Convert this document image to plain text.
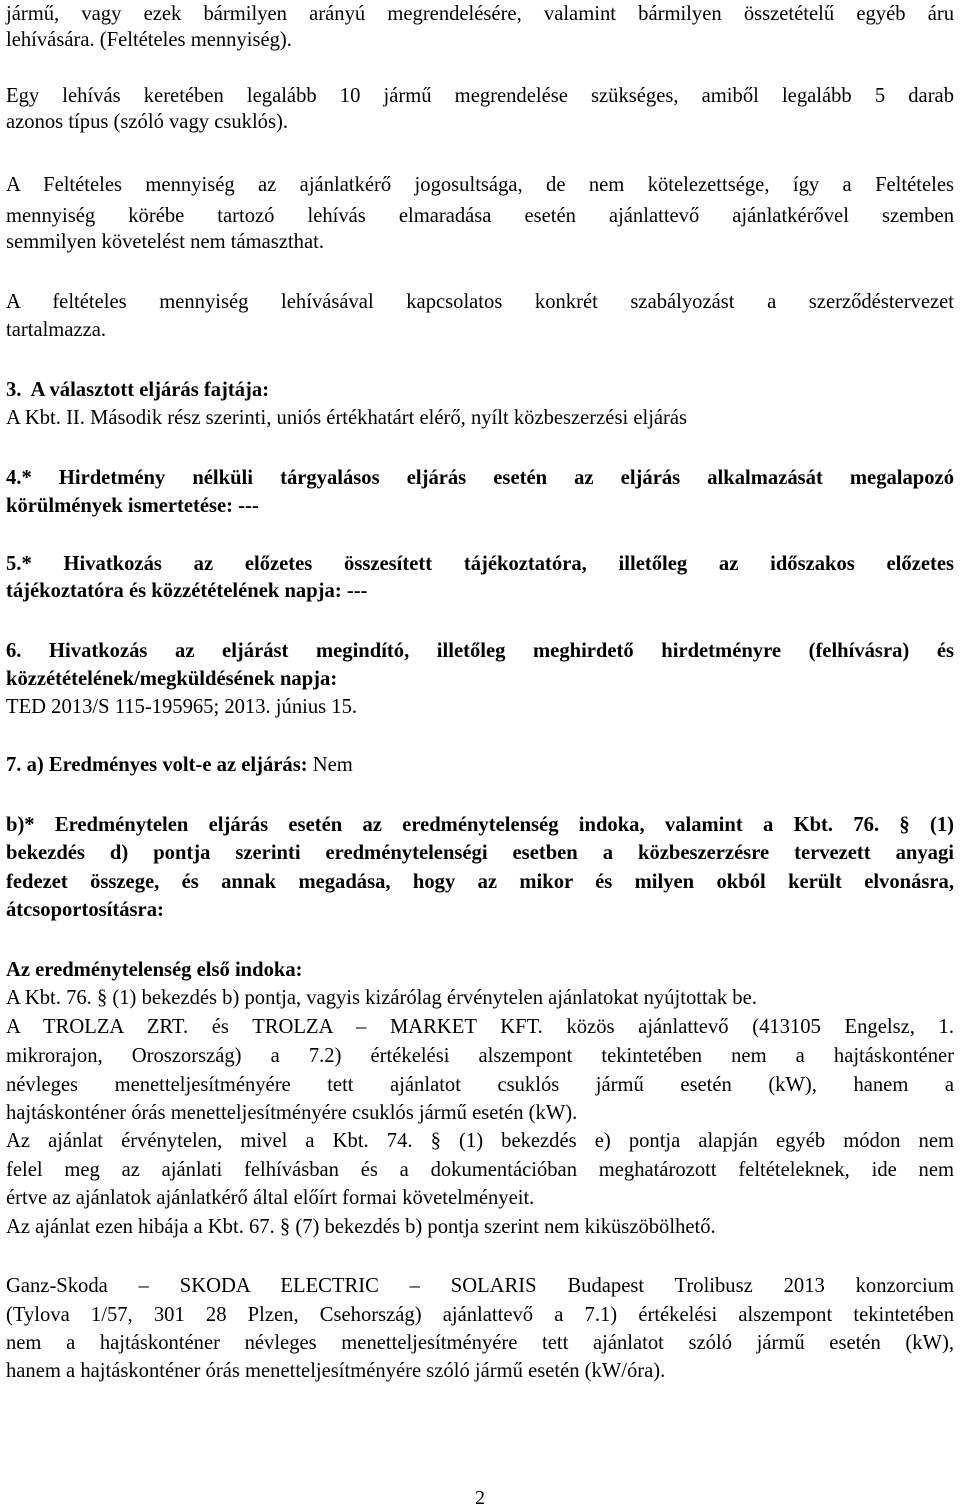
jármű, vagy ezek bármilyen arányú megrendelésére, valamint bármilyen összetételű egyéb áru

lehívására. (Feltételes mennyiség).

Egy lehívás keretében legalább 10 jármű megrendelése szükséges, amiből legalább 5 darab

azonos típus (szóló vagy csuklós).

A Feltételes mennyiség az ajánlatkérő jogosultsága, de nem kötelezettsége, így a Feltételes

mennyiség körébe tartozó lehívás elmaradása esetén ajánlattevő ajánlatkérővel szemben

semmilyen követelést nem támaszthat.

A feltételes mennyiség lehívásával kapcsolatos konkrét szabályozást a szerződéstervezet

tartalmazza.

3.  A választott eljárás fajtája:

A Kbt. II. Második rész szerinti, uniós értékhatárt elérő, nyílt közbeszerzési eljárás

4.* Hirdetmény nélküli tárgyalásos eljárás esetén az eljárás alkalmazását megalapozó

körülmények ismertetése: ---

5.* Hivatkozás az előzetes összesített tájékoztatóra, illetőleg az időszakos előzetes

tájékoztatóra és közzétételének napja: ---

6. Hivatkozás az eljárást megindító, illetőleg meghirdető hirdetményre (felhívásra) és

közzétételének/megküldésének napja:

TED 2013/S 115-195965; 2013. június 15.

7. a) Eredményes volt-e az eljárás: Nem

b)* Eredménytelen eljárás esetén az eredménytelenség indoka, valamint a Kbt. 76. § (1)

bekezdés d) pontja szerinti eredménytelenségi esetben a közbeszerzésre tervezett anyagi

fedezet összege, és annak megadása, hogy az mikor és milyen okból került elvonásra,

átcsoportosításra:

Az eredménytelenség első indoka:

A Kbt. 76. § (1) bekezdés b) pontja, vagyis kizárólag érvénytelen ajánlatokat nyújtottak be.

A TROLZA ZRT. és TROLZA – MARKET KFT. közös ajánlattevő (413105 Engelsz, 1.

mikrorajon, Oroszország) a 7.2) értékelési alszempont tekintetében nem a hajtáskonténer

névleges menetteljesítményére tett ajánlatot csuklós jármű esetén (kW), hanem a

hajtáskonténer órás menetteljesítményére csuklós jármű esetén (kW).

Az ajánlat érvénytelen, mivel a Kbt. 74. § (1) bekezdés e) pontja alapján egyéb módon nem

felel meg az ajánlati felhívásban és a dokumentációban meghatározott feltételeknek, ide nem

értve az ajánlatok ajánlatkérő által előírt formai követelményeit.

Az ajánlat ezen hibája a Kbt. 67. § (7) bekezdés b) pontja szerint nem kiküszöbölhető.

Ganz-Skoda – SKODA ELECTRIC – SOLARIS Budapest Trolibusz 2013 konzorcium

(Tylova 1/57, 301 28 Plzen, Csehország) ajánlattevő a 7.1) értékelési alszempont tekintetében

nem a hajtáskonténer névleges menetteljesítményére tett ajánlatot szóló jármű esetén (kW),

hanem a hajtáskonténer órás menetteljesítményére szóló jármű esetén (kW/óra).

2
